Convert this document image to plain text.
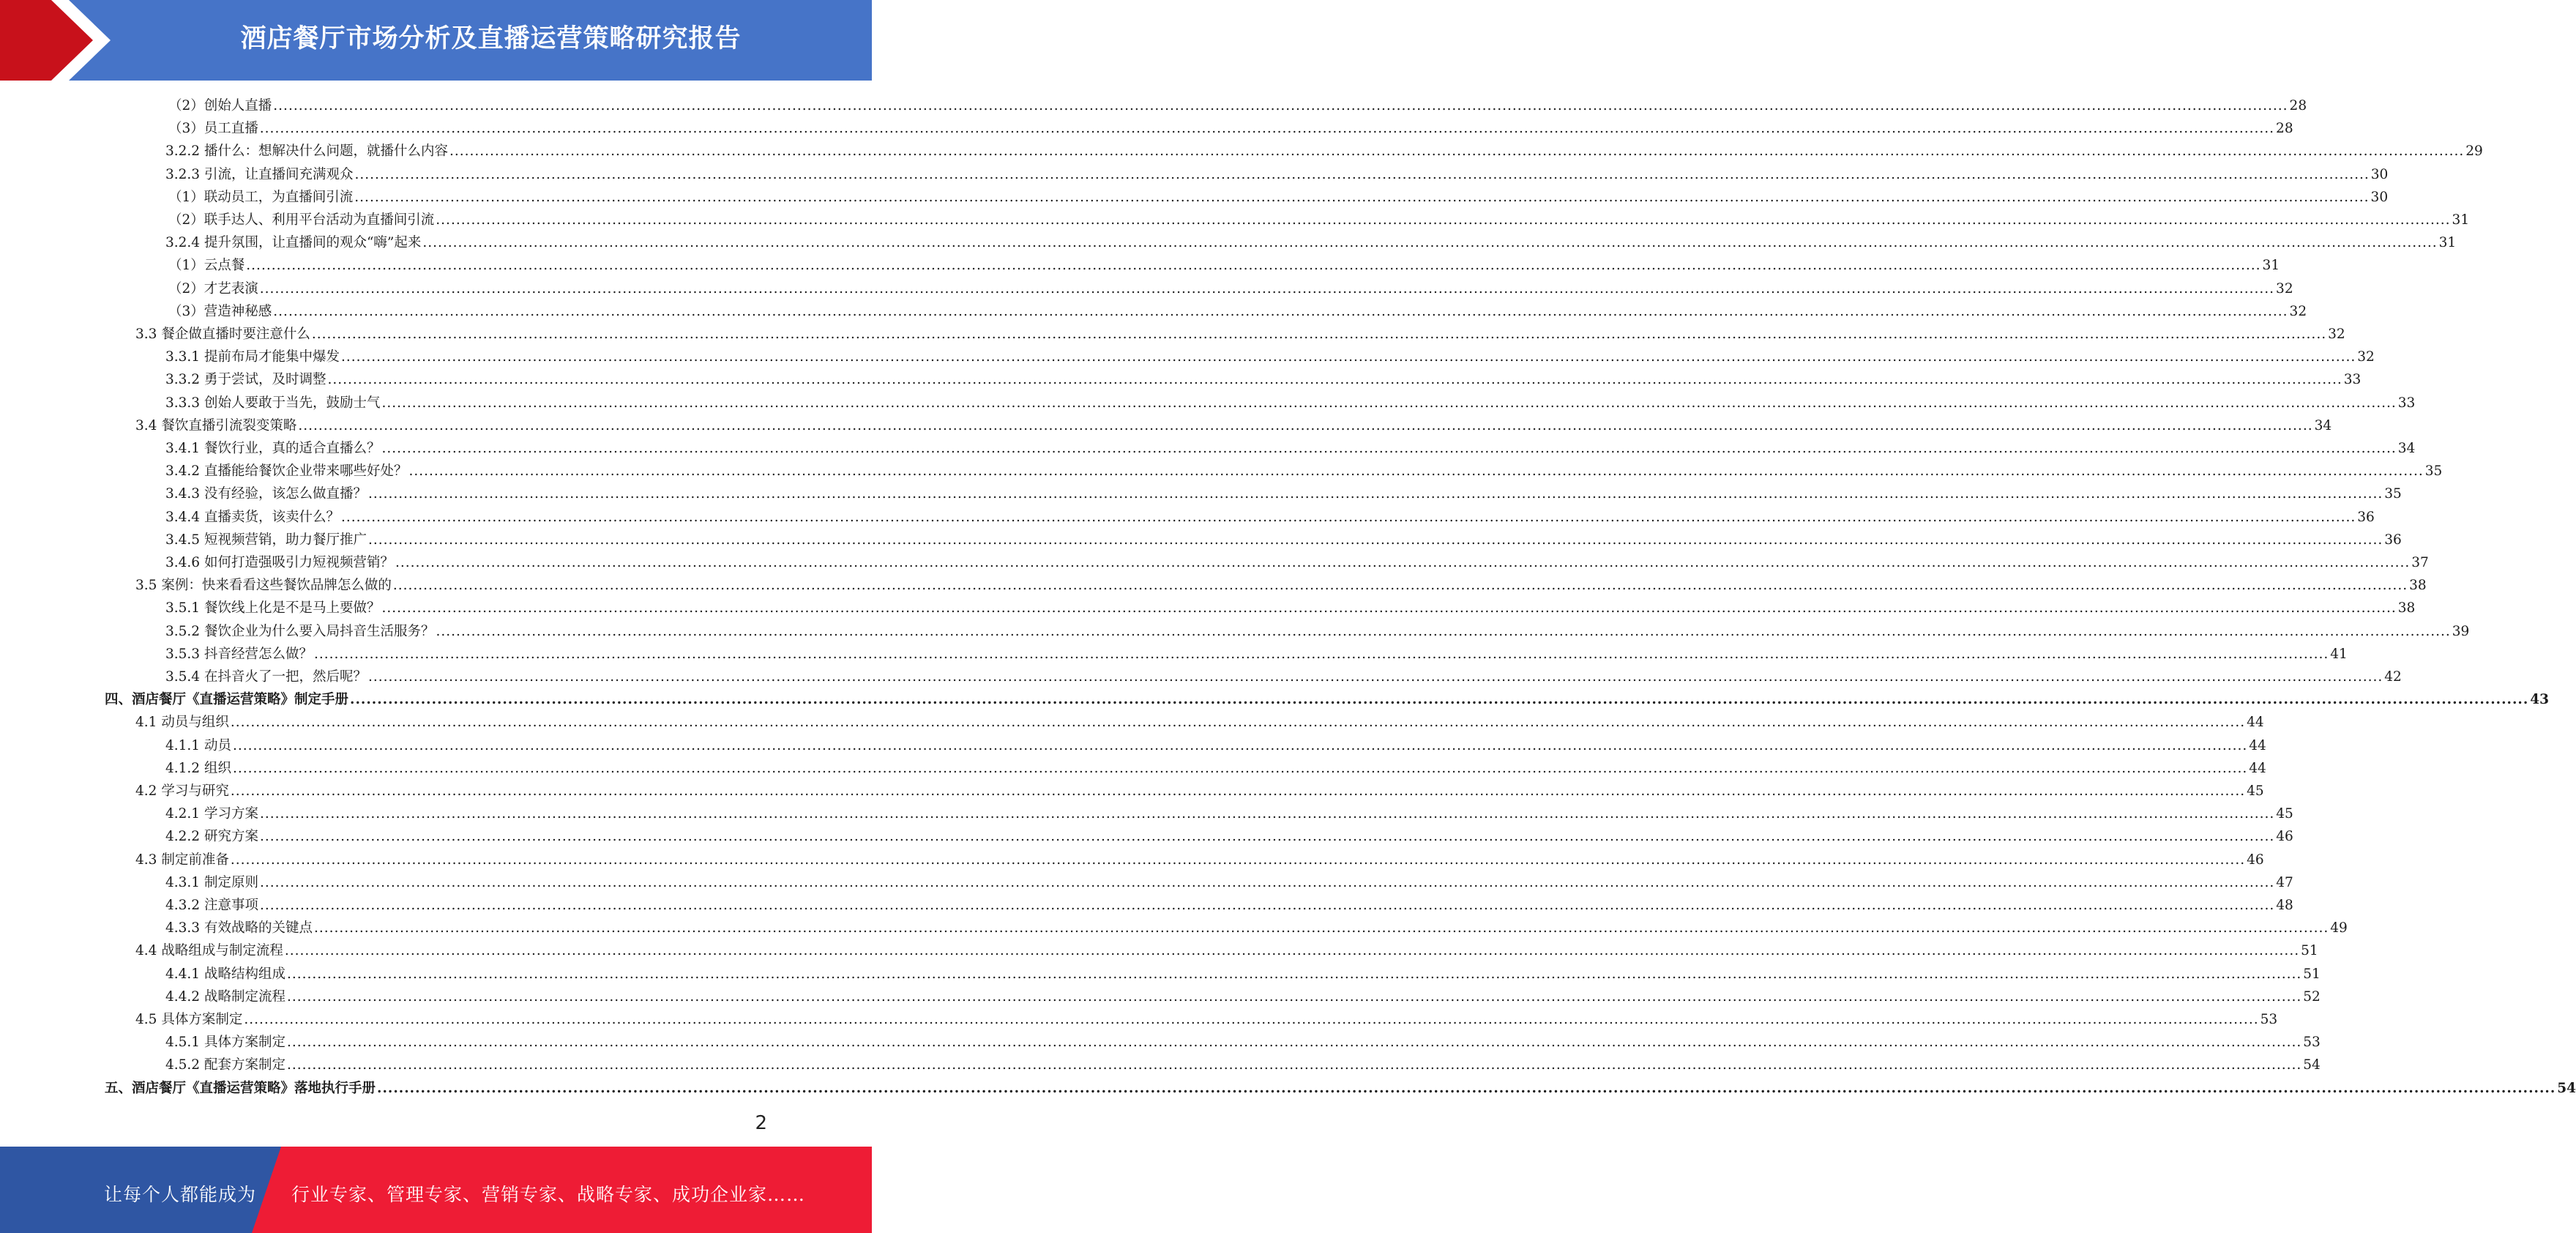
酒店餐厅市场分析及直播运营策略研究报告
（2） 创始人直播 ................................................................................................................................................................................................................................................................................................................................................................................................................ 28
（3） 员工直播 ................................................................................................................................................................................................................................................................................................................................................................................................................ 28
3.2.2
播什么：想解决什么问题，就播什么内容 ................................................................................................................................................................................................................................................................................................................................................................................................................ 29
3.2.3
引流，让直播间充满观众 ................................................................................................................................................................................................................................................................................................................................................................................................................ 30
（1） 联动员工，为直播间引流 ................................................................................................................................................................................................................................................................................................................................................................................................................ 30
（2） 联手达人、利用平台活动为直播间引流 ................................................................................................................................................................................................................................................................................................................................................................................................................ 31
3.2.4
提升氛围，让直播间的观众“嗨”起来 ................................................................................................................................................................................................................................................................................................................................................................................................................ 31
（1） 云点餐 ................................................................................................................................................................................................................................................................................................................................................................................................................ 31
（2） 才艺表演 ................................................................................................................................................................................................................................................................................................................................................................................................................ 32
（3） 营造神秘感 ................................................................................................................................................................................................................................................................................................................................................................................................................ 32
3.3
餐企做直播时要注意什么 ................................................................................................................................................................................................................................................................................................................................................................................................................ 32
3.3.1
提前布局才能集中爆发 ................................................................................................................................................................................................................................................................................................................................................................................................................ 32
3.3.2
勇于尝试，及时调整 ................................................................................................................................................................................................................................................................................................................................................................................................................ 33
3.3.3
创始人要敢于当先，鼓励士气 ................................................................................................................................................................................................................................................................................................................................................................................................................ 33
3.4
餐饮直播引流裂变策略 ................................................................................................................................................................................................................................................................................................................................................................................................................ 34
3.4.1
餐饮行业，真的适合直播么？ ................................................................................................................................................................................................................................................................................................................................................................................................................ 34
3.4.2
直播能给餐饮企业带来哪些好处？ ................................................................................................................................................................................................................................................................................................................................................................................................................ 35
3.4.3
没有经验，该怎么做直播？ ................................................................................................................................................................................................................................................................................................................................................................................................................ 35
3.4.4
直播卖货，该卖什么？ ................................................................................................................................................................................................................................................................................................................................................................................................................ 36
3.4.5
短视频营销，助力餐厅推广 ................................................................................................................................................................................................................................................................................................................................................................................................................ 36
3.4.6
如何打造强吸引力短视频营销？ ................................................................................................................................................................................................................................................................................................................................................................................................................ 37
3.5
案例：快来看看这些餐饮品牌怎么做的 ................................................................................................................................................................................................................................................................................................................................................................................................................ 38
3.5.1
餐饮线上化是不是马上要做？ ................................................................................................................................................................................................................................................................................................................................................................................................................ 38
3.5.2
餐饮企业为什么要入局抖音生活服务？ ................................................................................................................................................................................................................................................................................................................................................................................................................ 39
3.5.3
抖音经营怎么做？ ................................................................................................................................................................................................................................................................................................................................................................................................................ 41
3.5.4
在抖音火了一把，然后呢？ ................................................................................................................................................................................................................................................................................................................................................................................................................ 42
四、酒店餐厅《直播运营策略》制定手册 ................................................................................................................................................................................................................................................................................................................................................................................................................ 43
4.1
动员与组织 ................................................................................................................................................................................................................................................................................................................................................................................................................ 44
4.1.1
动员 ................................................................................................................................................................................................................................................................................................................................................................................................................ 44
4.1.2
组织 ................................................................................................................................................................................................................................................................................................................................................................................................................ 44
4.2
学习与研究 ................................................................................................................................................................................................................................................................................................................................................................................................................ 45
4.2.1
学习方案 ................................................................................................................................................................................................................................................................................................................................................................................................................ 45
4.2.2
研究方案 ................................................................................................................................................................................................................................................................................................................................................................................................................ 46
4.3
制定前准备 ................................................................................................................................................................................................................................................................................................................................................................................................................ 46
4.3.1
制定原则 ................................................................................................................................................................................................................................................................................................................................................................................................................ 47
4.3.2
注意事项 ................................................................................................................................................................................................................................................................................................................................................................................................................ 48
4.3.3
有效战略的关键点 ................................................................................................................................................................................................................................................................................................................................................................................................................ 49
4.4
战略组成与制定流程 ................................................................................................................................................................................................................................................................................................................................................................................................................ 51
4.4.1
战略结构组成 ................................................................................................................................................................................................................................................................................................................................................................................................................ 51
4.4.2
战略制定流程 ................................................................................................................................................................................................................................................................................................................................................................................................................ 52
4.5
具体方案制定 ................................................................................................................................................................................................................................................................................................................................................................................................................ 53
4.5.1
具体方案制定 ................................................................................................................................................................................................................................................................................................................................................................................................................ 53
4.5.2
配套方案制定 ................................................................................................................................................................................................................................................................................................................................................................................................................ 54
五、酒店餐厅《直播运营策略》落地执行手册 ................................................................................................................................................................................................................................................................................................................................................................................................................ 54
2
让每个人都能成为 行业专家、管理专家、营销专家、战略专家、成功企业家……
